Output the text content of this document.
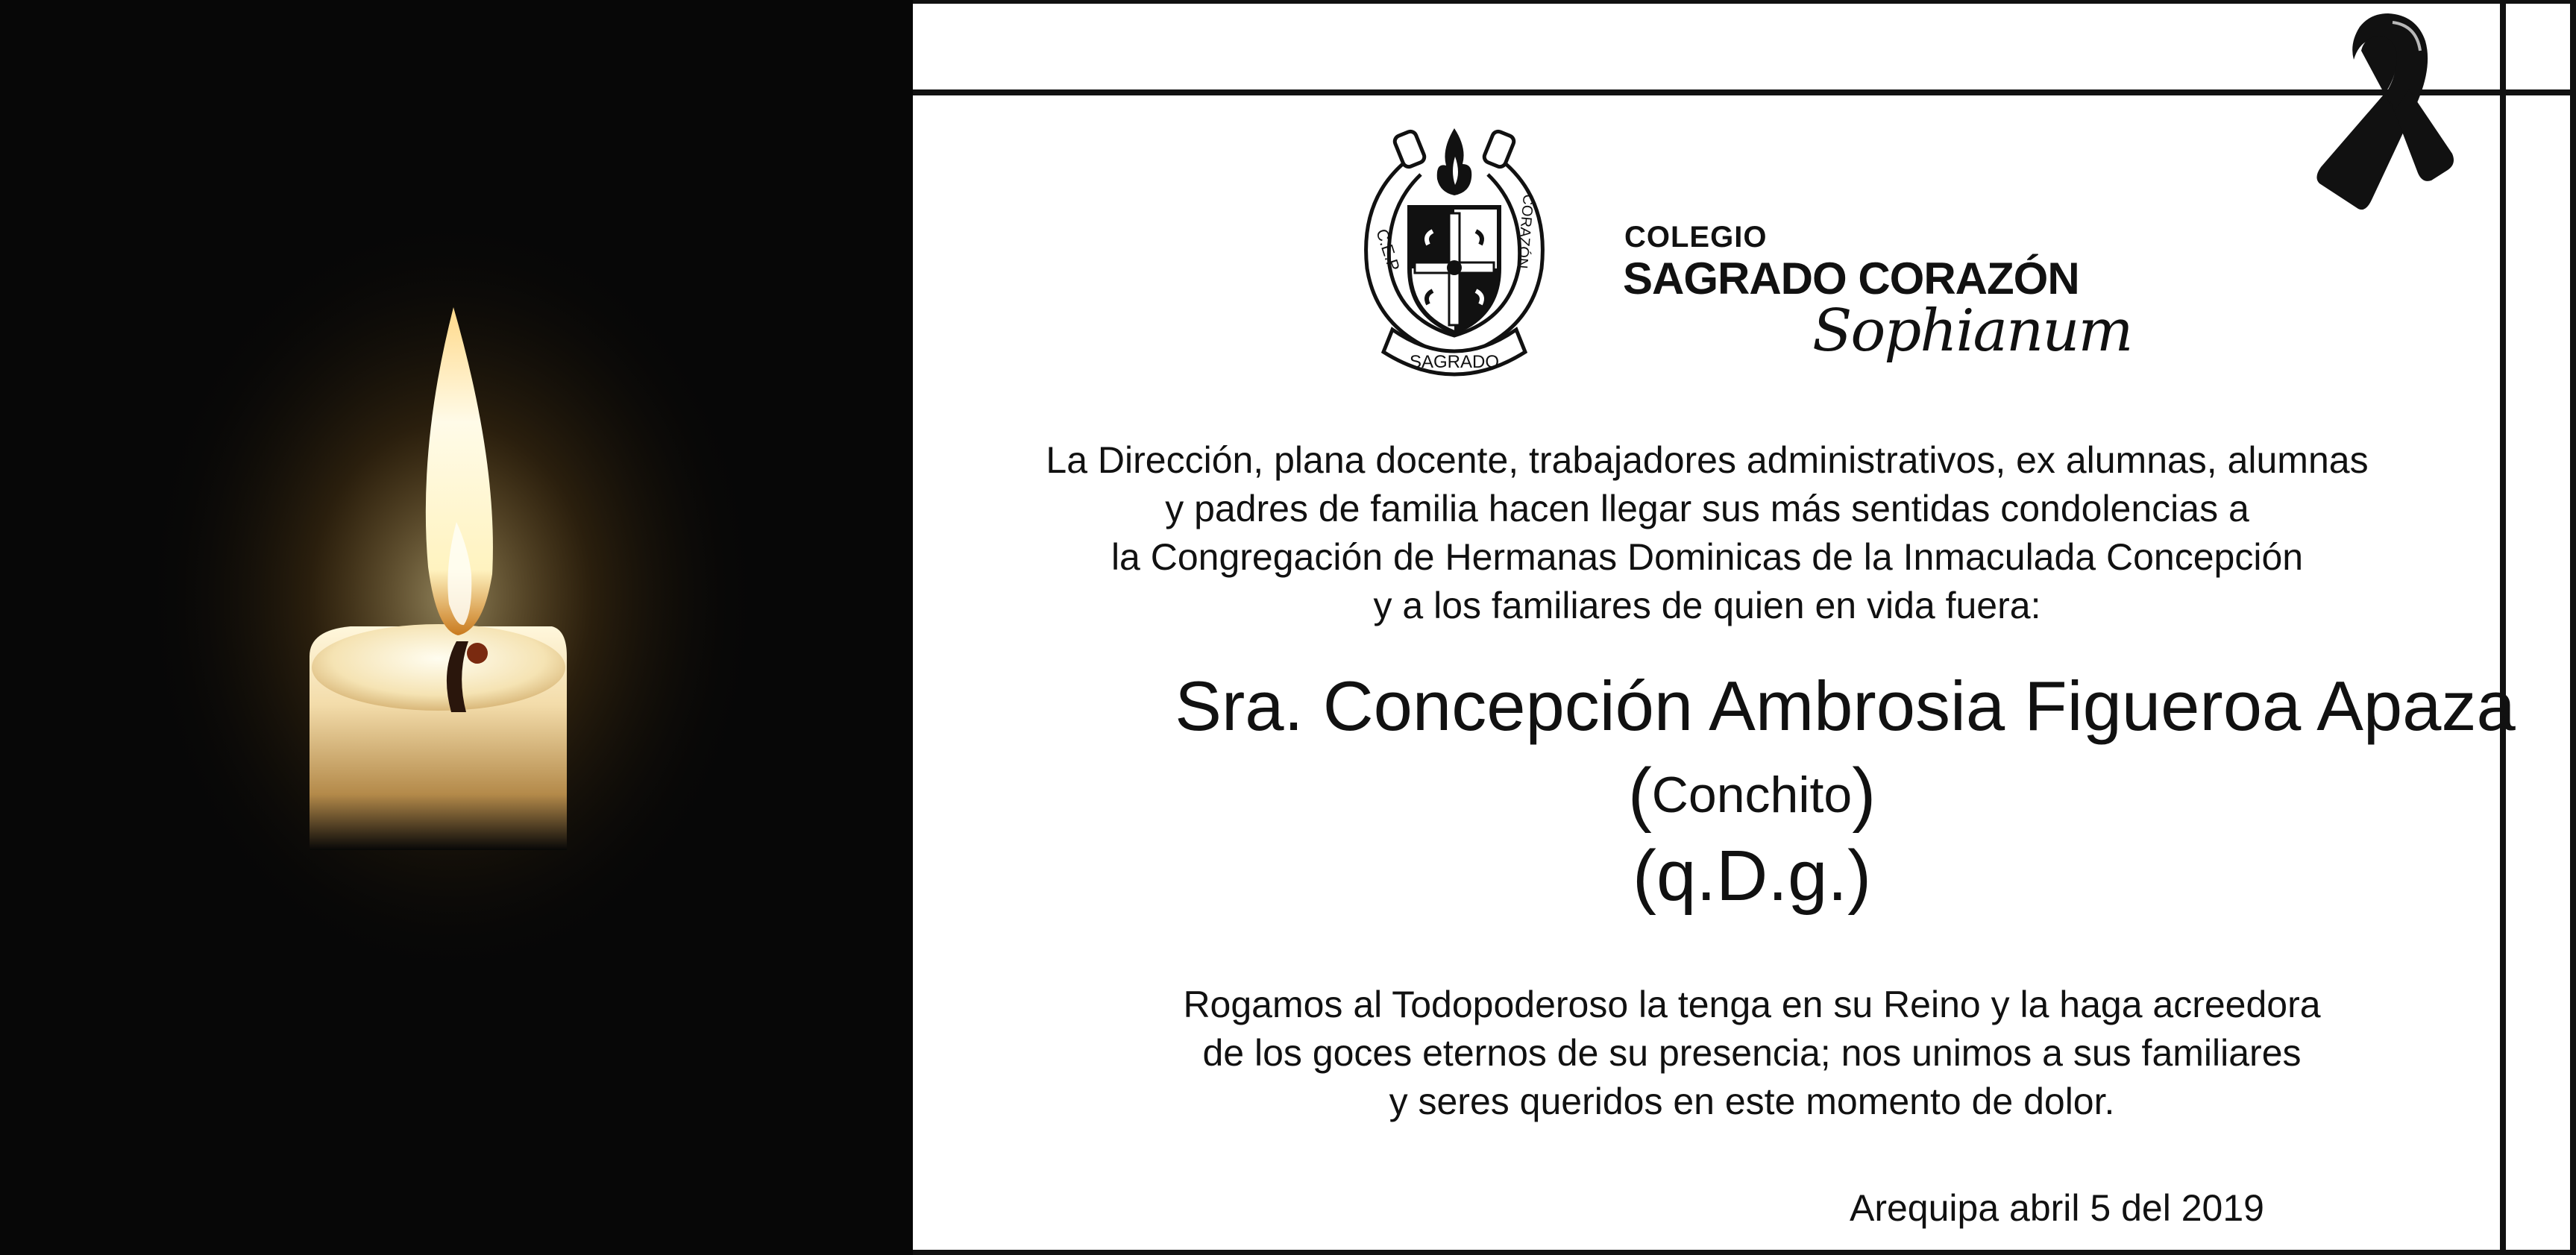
SAGRADO
C.E.P.	CORAZÓN	COLEGIO
SAGRADO CORAZÓN
Sophianum
La Dirección, plana docente, trabajadores administrativos, ex alumnas, alumnas
y padres de familia hacen llegar sus más sentidas condolencias a
la Congregación de Hermanas Dominicas de la Inmaculada Concepción
y a los familiares de quien en vida fuera:
Sra. Concepción Ambrosia Figueroa Apaza
(Conchito)
(q.D.g.)
Rogamos al Todopoderoso la tenga en su Reino y la haga acreedora
de los goces eternos de su presencia; nos unimos a sus familiares
y seres queridos en este momento de dolor.
Arequipa abril 5 del 2019
